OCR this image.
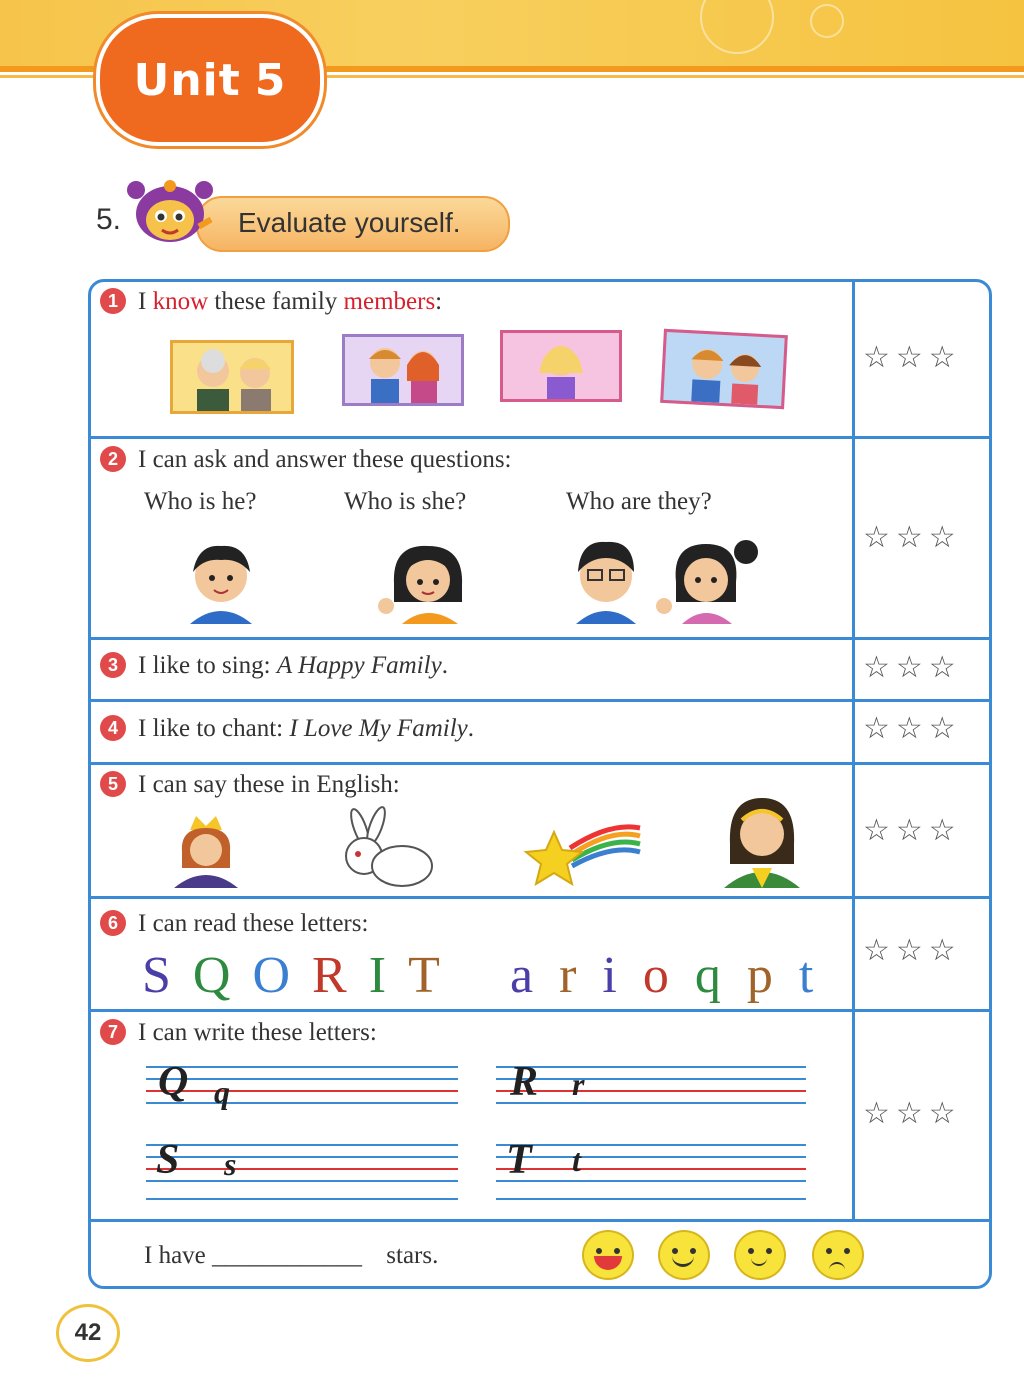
Unit 5
5.	Evaluate yourself.
1 I know these family members:
☆☆☆
2 I can ask and answer these questions:
Who is he?	Who is she?	Who are they?
☆☆☆
3 I like to sing: A Happy Family.	☆☆☆
4 I like to chant: I Love My Family.	☆☆☆
5 I can say these in English:
☆☆☆
6 I can read these letters:
S Q O R I T	a r i o q p t ☆☆☆
7 I can write these letters:
Q q	R r
S s	T t
☆☆☆
I have ____________ stars.
42
